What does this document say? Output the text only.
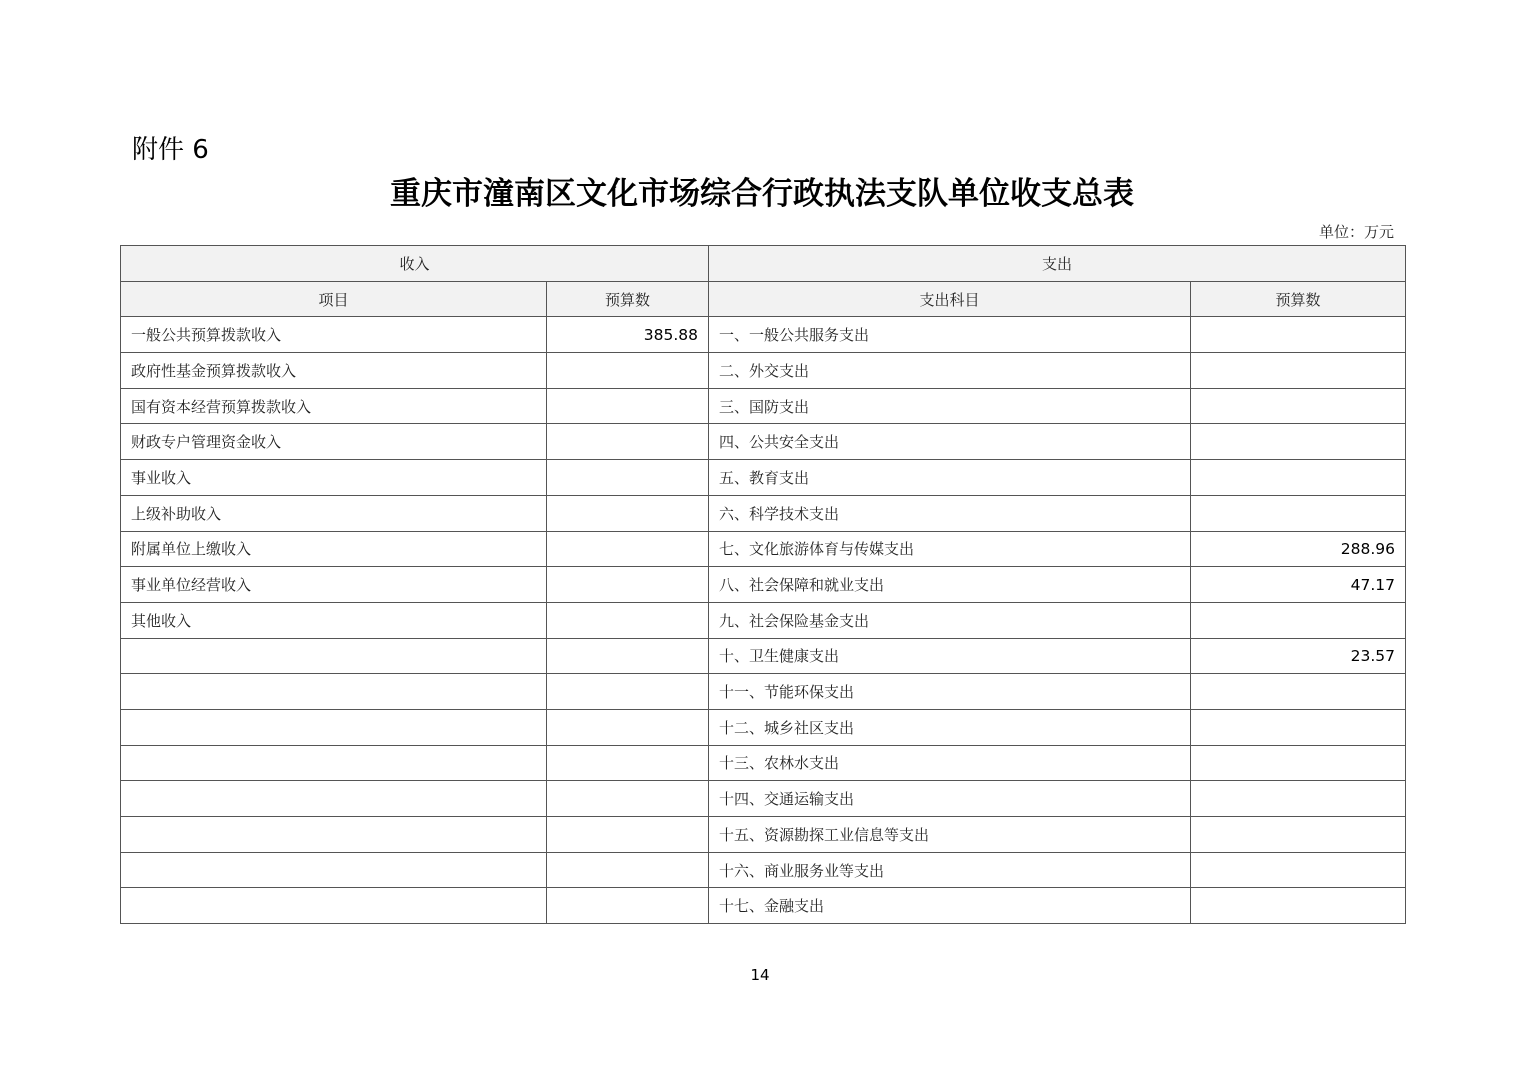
附件 6
重庆市潼南区文化市场综合行政执法支队单位收支总表
单位：万元
收入		支出	
项目	预算数	支出科目	预算数
一般公共预算拨款收入	385.88	一、一般公共服务支出	
政府性基金预算拨款收入		二、外交支出	
国有资本经营预算拨款收入		三、国防支出	
财政专户管理资金收入		四、公共安全支出	
事业收入		五、教育支出	
上级补助收入		六、科学技术支出	
附属单位上缴收入		七、文化旅游体育与传媒支出	288.96
事业单位经营收入		八、社会保障和就业支出	47.17
其他收入		九、社会保险基金支出	
		十、卫生健康支出	23.57
		十一、节能环保支出	
		十二、城乡社区支出	
		十三、农林水支出	
		十四、交通运输支出	
		十五、资源勘探工业信息等支出	
		十六、商业服务业等支出	
		十七、金融支出	
14
